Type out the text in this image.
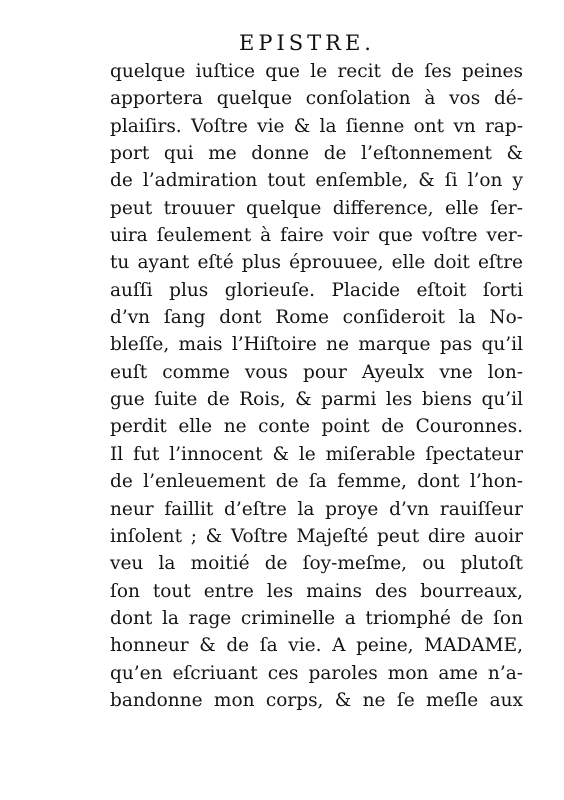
EPISTRE.
quelque iuſtice que le recit de ſes peines
apportera quelque conſolation à vos dé-
plaiſirs. Voſtre vie & la ſienne ont vn rap-
port qui me donne de l’eſtonnement &
de l’admiration tout enſemble, & ſi l’on y
peut trouuer quelque difference, elle ſer-
uira ſeulement à faire voir que voſtre ver-
tu ayant eſté plus éprouuee, elle doit eſtre
auſſi plus glorieuſe. Placide eſtoit ſorti
d’vn ſang dont Rome conſideroit la No-
bleſſe, mais l’Hiſtoire ne marque pas qu’il
euſt comme vous pour Ayeulx vne lon-
gue ſuite de Rois, & parmi les biens qu’il
perdit elle ne conte point de Couronnes.
Il fut l’innocent & le miſerable ſpectateur
de l’enleuement de ſa femme, dont l’hon-
neur faillit d’eſtre la proye d’vn rauiſſeur
inſolent ; & Voſtre Majeſté peut dire auoir
veu la moitié de ſoy-meſme, ou plutoſt
ſon tout entre les mains des bourreaux,
dont la rage criminelle a triomphé de ſon
honneur & de ſa vie. A peine, MADAME,
qu’en eſcriuant ces paroles mon ame n’a-
bandonne mon corps, & ne ſe meſle aux
